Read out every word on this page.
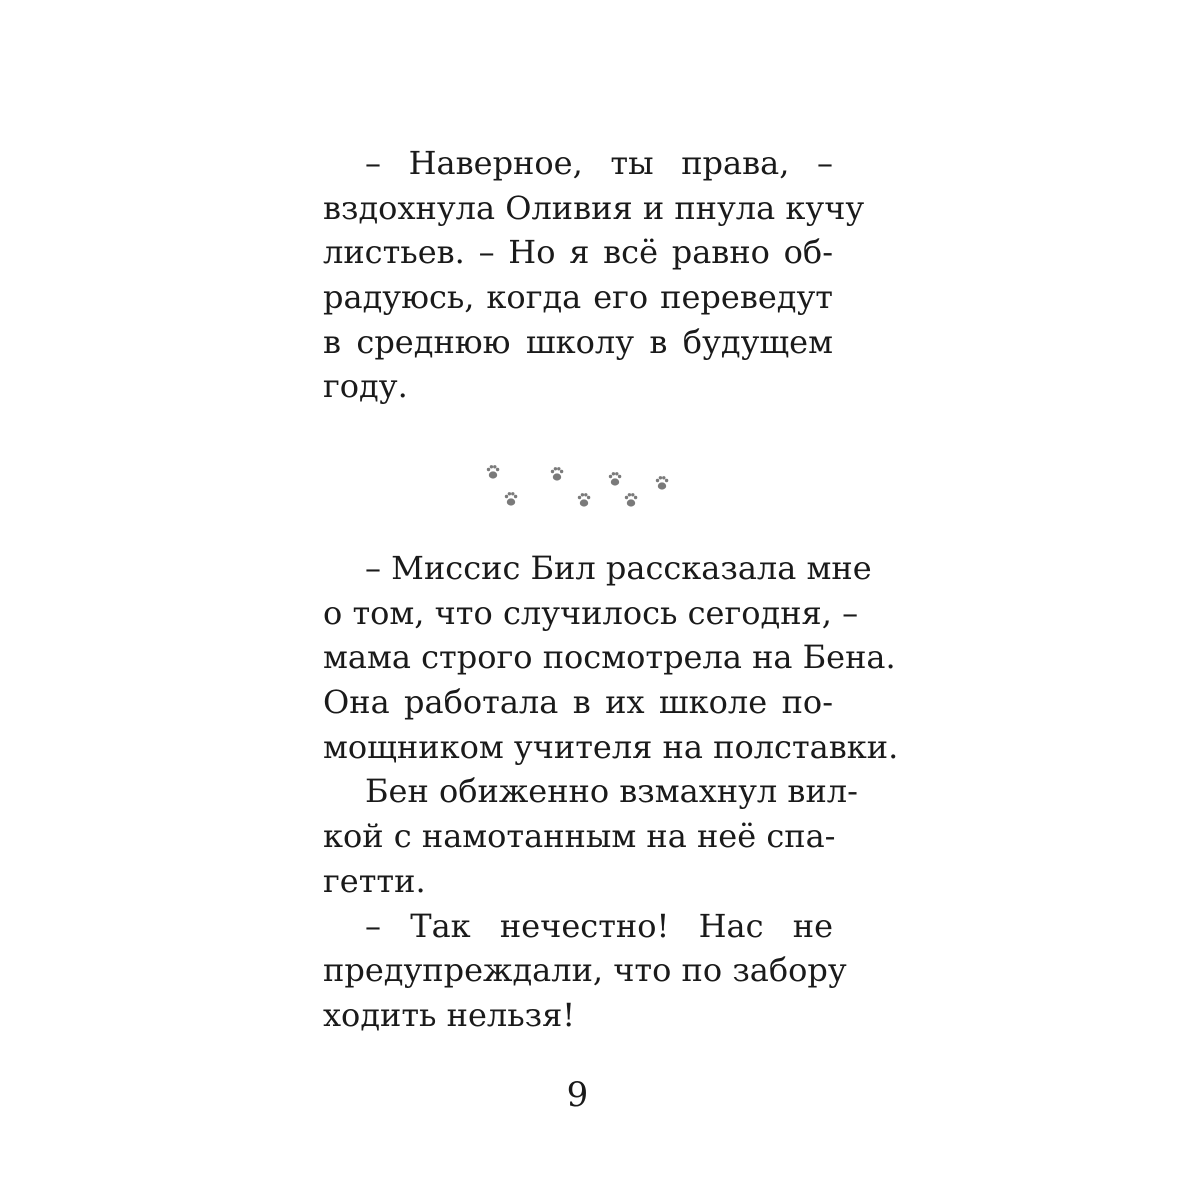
– Наверное, ты права, –
вздохнула Оливия и пнула кучу
листьев. – Но я всё равно об-
радуюсь, когда его переведут
в среднюю школу в будущем
году.
– Миссис Бил рассказала мне
о том, что случилось сегодня, –
мама строго посмотрела на Бена.
Она работала в их школе по-
мощником учителя на полставки.
Бен обиженно взмахнул вил-
кой с намотанным на неё спа-
гетти.
– Так нечестно! Нас не
предупреждали, что по забору
ходить нельзя!
9
